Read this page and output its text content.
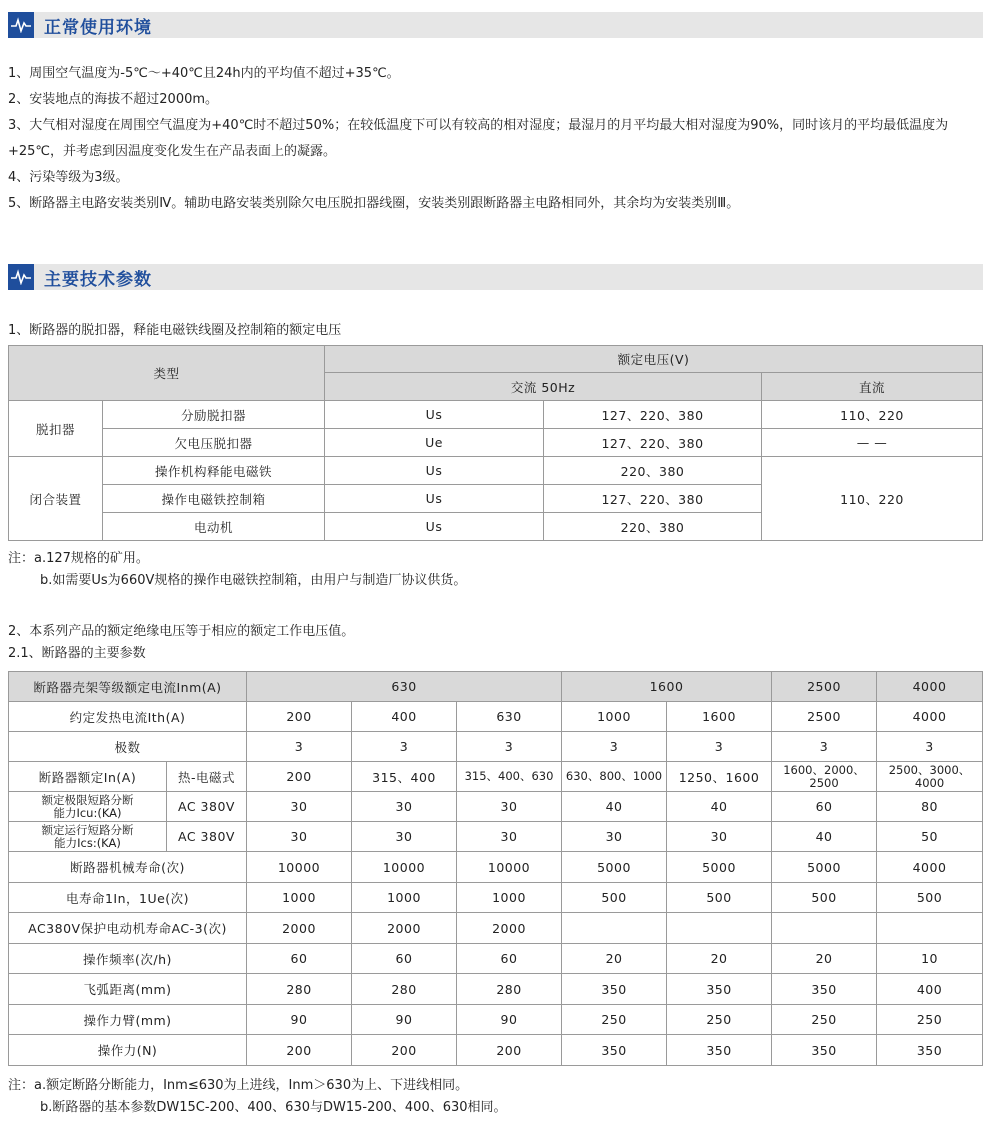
正常使用环境

1、周围空气温度为-5℃～+40℃且24h内的平均值不超过+35℃。

2、安装地点的海拔不超过2000m。

3、大气相对湿度在周围空气温度为+40℃时不超过50%；在较低温度下可以有较高的相对湿度；最湿月的月平均最大相对湿度为90%，同时该月的平均最低温度为+25℃，并考虑到因温度变化发生在产品表面上的凝露。

4、污染等级为3级。

5、断路器主电路安装类别Ⅳ。辅助电路安装类别除欠电压脱扣器线圈，安装类别跟断路器主电路相同外，其余均为安装类别Ⅲ。

主要技术参数

1、断路器的脱扣器，释能电磁铁线圈及控制箱的额定电压

类型		额定电压(V)		
		交流 50Hz		直流
脱扣器	分励脱扣器	Us	127、220、380	110、220
	欠电压脱扣器	Ue	127、220、380	— —
闭合装置	操作机构释能电磁铁	Us	220、380	110、220
	操作电磁铁控制箱	Us	127、220、380	
	电动机	Us	220、380	
注：a.127规格的矿用。
b.如需要Us为660V规格的操作电磁铁控制箱，由用户与制造厂协议供货。
2、本系列产品的额定绝缘电压等于相应的额定工作电压值。
2.1、断路器的主要参数
断路器壳架等级额定电流Inm(A)		630			1600		2500	4000
约定发热电流Ith(A)		200	400	630	1000	1600	2500	4000
极数		3	3	3	3	3	3	3
断路器额定In(A)	热-电磁式	200	315、400	315、400、630	630、800、1000	1250、1600	1600、2000、2500	2500、3000、4000

额定极限短路分断
能力Icu:(KA)	AC 380V	30	30	30	40	40	60	80

额定运行短路分断
能力Ics:(KA)	AC 380V	30	30	30	30	30	40	50
断路器机械寿命(次)		10000	10000	10000	5000	5000	5000	4000
电寿命1In，1Ue(次)		1000	1000	1000	500	500	500	500
AC380V保护电动机寿命AC-3(次)		2000	2000	2000				
操作频率(次/h)		60	60	60	20	20	20	10
飞弧距离(mm)		280	280	280	350	350	350	400
操作力臂(mm)		90	90	90	250	250	250	250
操作力(N)		200	200	200	350	350	350	350
注：a.额定断路分断能力，Inm≤630为上进线，Inm＞630为上、下进线相同。
b.断路器的基本参数DW15C-200、400、630与DW15-200、400、630相同。
